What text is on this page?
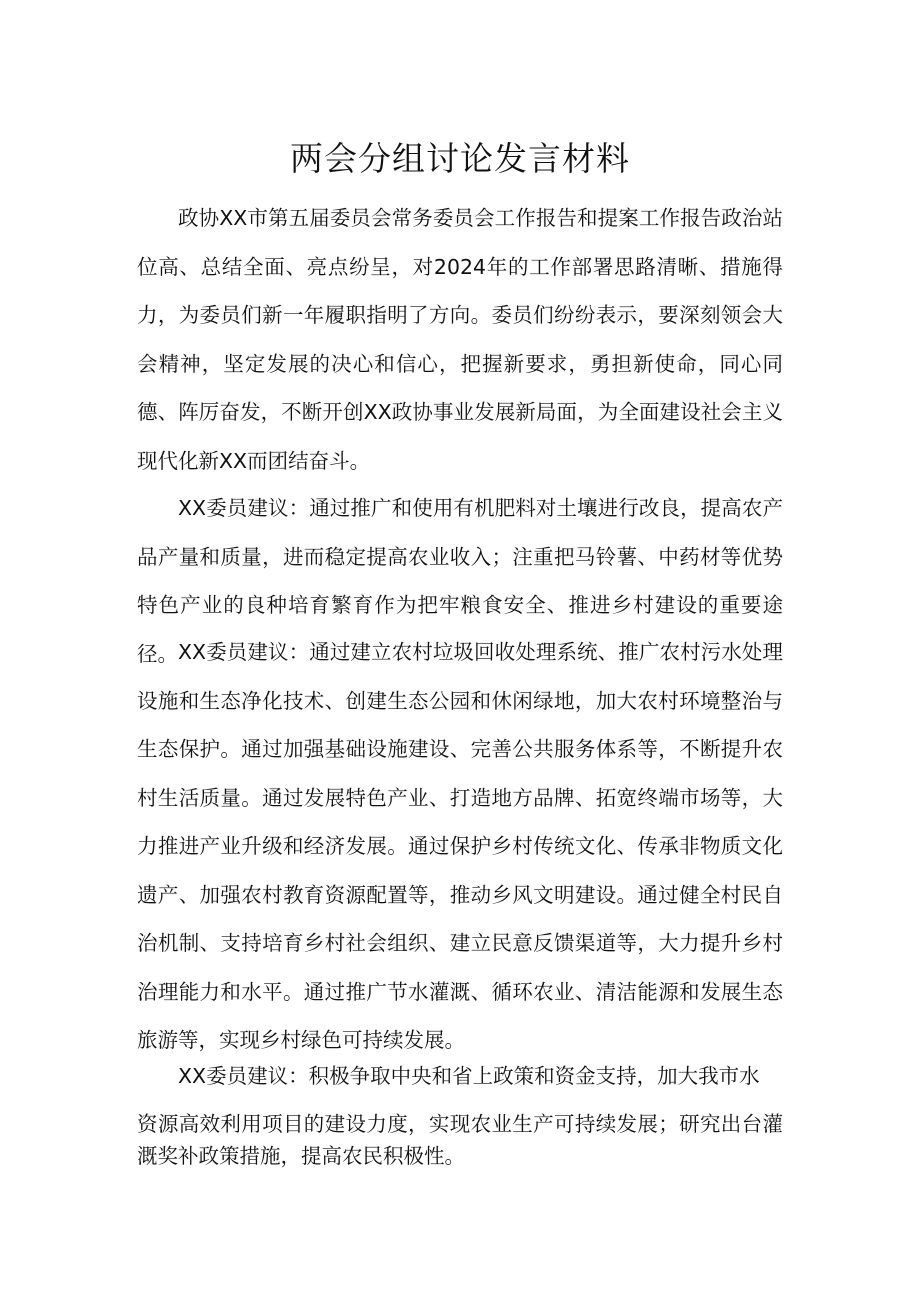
两会分组讨论发言材料

政协XX市第五届委员会常务委员会工作报告和提案工作报告政治站位高、总结全面、亮点纷呈，对2024年的工作部署思路清晰、措施得力，为委员们新一年履职指明了方向。委员们纷纷表示，要深刻领会大会精神，坚定发展的决心和信心，把握新要求，勇担新使命，同心同德、阵厉奋发，不断开创XX政协事业发展新局面，为全面建设社会主义现代化新XX而团结奋斗。

XX委员建议：通过推广和使用有机肥料对土壤进行改良，提高农产品产量和质量，进而稳定提高农业收入；注重把马铃薯、中药材等优势特色产业的良种培育繁育作为把牢粮食安全、推进乡村建设的重要途径。 XX委员建议：通过建立农村垃圾回收处理系统、推广农村污水处理设施和生态净化技术、创建生态公园和休闲绿地，加大农村环境整治与生态保护。通过加强基础设施建设、完善公共服务体系等，不断提升农村生活质量。通过发展特色产业、打造地方品牌、拓宽终端市场等，大力推进产业升级和经济发展。通过保护乡村传统文化、传承非物质文化遗产、加强农村教育资源配置等，推动乡风文明建设。通过健全村民自治机制、支持培育乡村社会组织、建立民意反馈渠道等，大力提升乡村治理能力和水平。通过推广节水灌溉、循环农业、清洁能源和发展生态旅游等，实现乡村绿色可持续发展。

XX委员建议：积极争取中央和省上政策和资金支持，加大我市水

资源高效利用项目的建设力度，实现农业生产可持续发展；研究出台灌溉奖补政策措施，提高农民积极性。
